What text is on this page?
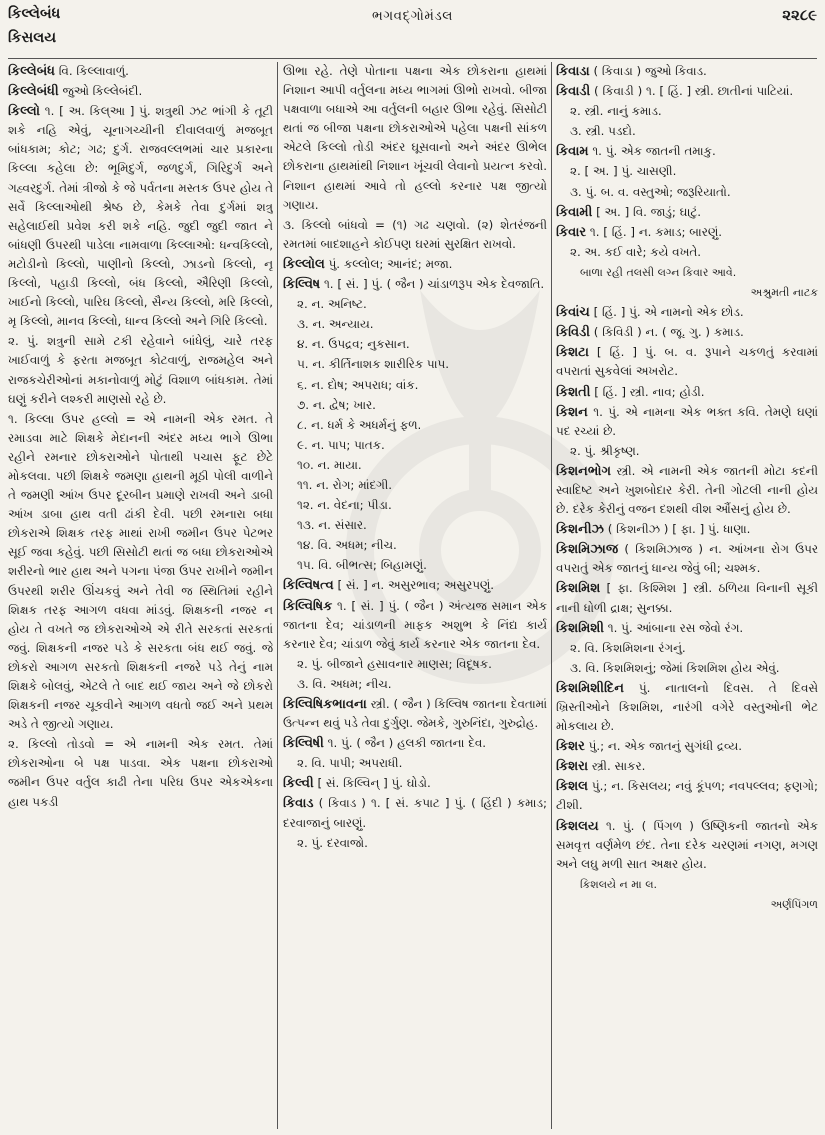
કિલ્લેબંધ
કિસલય
ભગવદ્ગોમંડલ	૨૨૮૯

કિલ્લેબંધ વિ. કિલ્લાવાળું.

કિલ્લેબંધી જુઓ કિલ્લેબંદી.

કિલ્લો ૧. [ અ. કિલ્આ ] પું. શત્રુથી ઝટ ભાંગી કે તૂટી શકે નહિ એવું, ચૂનાગચ્ચીની દીવાલવાળું મજબૂત બાંધકામ; કોટ; ગઢ; દુર્ગ. રાજવલ્લભમાં ચાર પ્રકારના કિલ્લા કહેલા છે: ભૂમિદુર્ગ, જળદુર્ગ, ગિરિદુર્ગ અને ગહ્વરદુર્ગ. તેમાં ત્રીજો કે જે પર્વતના મસ્તક ઉપર હોય તે સર્વે કિલ્લાઓથી શ્રેષ્ઠ છે, કેમકે તેવા દુર્ગમાં શત્રુ સહેલાઈથી પ્રવેશ કરી શકે નહિ. જુદી જુદી જાત ને બાંધણી ઉપરથી પાડેલા નામવાળા કિલ્લાઓ: ધન્વકિલ્લો, મટોડીનો કિલ્લો, પાણીનો કિલ્લો, ઝાડનો કિલ્લો, નૃ કિલ્લો, પહાડી કિલ્લો, બંધ કિલ્લો, ઐરિણી કિલ્લો, ખાઈનો કિલ્લો, પારિઘ કિલ્લો, સૈન્ય કિલ્લો, મરિ કિલ્લો, મૃ કિલ્લો, માનવ કિલ્લો, ધાન્વ કિલ્લો અને ગિરિ કિલ્લો.

૨. પું. શત્રુની સામે ટકી રહેવાને બાંધેલું, ચારે તરફ ખાઈવાળું કે ફરતા મજબૂત કોટવાળું, રાજમહેલ અને રાજકચેરીઓનાં મકાનોવાળું મોટું વિશાળ બાંધકામ. તેમાં ઘણું કરીને લશ્કરી માણસો રહે છે.

૧. કિલ્લા ઉપર હલ્લો = એ નામની એક રમત. તે રમાડવા માટે શિક્ષકે મેદાનની અંદર મધ્ય ભાગે ઊભા રહીને રમનાર છોકરાઓને પોતાથી પચાસ ફૂટ છેટે મોકલવા. પછી શિક્ષકે જમણા હાથની મૂઠી પોલી વાળીને તે જમણી આંખ ઉપર દૂરબીન પ્રમાણે રાખવી અને ડાબી આંખ ડાબા હાથ વતી ઢાંકી દેવી. પછી રમનારા બધા છોકરાએ શિક્ષક તરફ માથાં રાખી જમીન ઉપર પેટભર સૂઈ જવા કહેવું. પછી સિસોટી થતાં જ બધા છોકરાઓએ શરીરનો ભાર હાથ અને પગના પંજા ઉપર રાખીને જમીન ઉપરથી શરીર ઊંચકવું અને તેવી જ સ્થિતિમાં રહીને શિક્ષક તરફ આગળ વધવા માંડવું. શિક્ષકની નજર ન હોય તે વખતે જ છોકરાઓએ એ રીતે સરકતાં સરકતાં જવું. શિક્ષકની નજર પડે કે સરકતા બંધ થઈ જવું. જે છોકરો આગળ સરકતો શિક્ષકની નજરે પડે તેનું નામ શિક્ષકે બોલવું, એટલે તે બાદ થઈ જાય અને જે છોકરો શિક્ષકની નજર ચૂકવીને આગળ વધતો જઈ અને પ્રથમ અડે તે જીત્યો ગણાય.

૨. કિલ્લો તોડવો = એ નામની એક રમત. તેમાં છોકરાઓના બે પક્ષ પાડવા. એક પક્ષના છોકરાઓ જમીન ઉપર વર્તુલ કાઢી તેના પરિઘ ઉપર એકએકના હાથ પકડી

ઊભા રહે. તેણે પોતાના પક્ષના એક છોકરાના હાથમાં નિશાન આપી વર્તુલના મધ્ય ભાગમાં ઊભો રાખવો. બીજા પક્ષવાળા બધાએ આ વર્તુલની બહાર ઊભા રહેવું. સિસોટી થતાં જ બીજા પક્ષના છોકરાઓએ પહેલા પક્ષની સાંકળ એટલે કિલ્લો તોડી અંદર ઘૂસવાનો અને અંદર ઊભેલ છોકરાના હાથમાંથી નિશાન ખૂંચવી લેવાનો પ્રયત્ન કરવો. નિશાન હાથમાં આવે તો હલ્લો કરનાર પક્ષ જીત્યો ગણાય.

૩. કિલ્લો બાંધવો = (૧) ગઢ ચણવો. (૨) શેતરંજની રમતમાં બાદશાહને કોઈપણ ઘરમાં સુરક્ષિત રાખવો.

કિલ્લોલ પું. કલ્લોલ; આનંદ; મજા.

કિલ્વિષ ૧. [ સં. ] પું. ( જૈન ) ચાંડાળરૂપ એક દેવજાતિ.

૨. ન. અનિષ્ટ.

૩. ન. અન્યાય.

૪. ન. ઉપદ્રવ; નુકસાન.

૫. ન. કીર્તિનાશક શારીરિક પાપ.

૬. ન. દોષ; અપરાધ; વાંક.

૭. ન. દ્વેષ; ખાર.

૮. ન. ધર્મ કે અધર્મનું ફળ.

૯. ન. પાપ; પાતક.

૧૦. ન. માયા.

૧૧. ન. રોગ; માંદગી.

૧૨. ન. વેદના; પીડા.

૧૩. ન. સંસાર.

૧૪. વિ. અધમ; નીચ.

૧૫. વિ. બીભત્સ; બિહામણું.

કિલ્વિષત્વ [ સં. ] ન. અસુરભાવ; અસુરપણું.

કિલ્વિષિક ૧. [ સં. ] પું. ( જૈન ) અંત્યજ સમાન એક જાતના દેવ; ચાંડાળની માફક અશુભ કે નિંદ્ય કાર્ય કરનાર દેવ; ચાંડાળ જેવું કાર્ય કરનાર એક જાતના દેવ.

૨. પું. બીજાને હસાવનાર માણસ; વિદૂષક.

૩. વિ. અધમ; નીચ.

કિલ્વિષિકભાવના સ્ત્રી. ( જૈન ) કિલ્વિષ જાતના દેવતામાં ઉત્પન્ન થવું પડે તેવા દુર્ગુણ. જેમકે, ગુરુનિંદા, ગુરુદ્રોહ.

કિલ્વિષી ૧. પું. ( જૈન ) હલકી જાતના દેવ.

૨. વિ. પાપી; અપરાધી.

કિલ્વી [ સં. કિલ્વિન્ ] પું. ઘોડો.

કિવાડ ( કિવાડ ) ૧. [ સં. કપાટ ] પું. ( હિંદી ) કમાડ; દરવાજાનું બારણું.

૨. પું. દરવાજો.

કિવાડા ( કિવાડા ) જુઓ કિવાડ.

કિવાડી ( કિવાડી ) ૧. [ હિં. ] સ્ત્રી. છાતીનાં પાટિયાં.

૨. સ્ત્રી. નાનું કમાડ.

૩. સ્ત્રી. પડદો.

કિવામ ૧. પું. એક જાતની તમાકુ.

૨. [ અ. ] પું. ચાસણી.

૩. પું. બ. વ. વસ્તુઓ; જરૂરિયાતો.

કિવામી [ અ. ] વિ. જાડું; ઘાટું.

કિવાર ૧. [ હિં. ] ન. કમાડ; બારણું.

૨. અ. કઈ વારે; કયે વખતે.

બાળા રહી તલસી લગ્ન કિવાર આવે.

અશ્રુમતી નાટક

કિવાંચ [ હિં. ] પું. એ નામનો એક છોડ.

કિવિડી ( કિવિડી ) ન. ( જૂ. ગુ. ) કમાડ.

કિશટા [ હિં. ] પું. બ. વ. રૂપાને ચકળતું કરવામાં વપરાતાં સુકવેલાં અખરોટ.

કિશતી [ હિં. ] સ્ત્રી. નાવ; હોડી.

કિશન ૧. પું. એ નામના એક ભક્ત કવિ. તેમણે ઘણાં પદ રચ્યાં છે.

૨. પું. શ્રીકૃષ્ણ.

કિશનભોગ સ્ત્રી. એ નામની એક જાતની મોટા કદની સ્વાદિષ્ટ અને ખુશબોદાર કેરી. તેની ગોટલી નાની હોય છે. દરેક કેરીનું વજન દશથી વીશ ઔંસનું હોય છે.

કિશનીઝ ( કિશનીઝ ) [ ફા. ] પું. ધાણા.

કિશમિઝાજ ( કિશમિઝાજ ) ન. આંખના રોગ ઉપર વપરાતું એક જાતનું ધાન્ય જેવું બી; ચશ્મક.

કિશમિશ [ ફા. કિશ્મિશ ] સ્ત્રી. ઠળિયા વિનાની સૂકી નાની ધોળી દ્રાક્ષ; સુનક્કા.

કિશમિશી ૧. પું. આંબાના રસ જેવો રંગ.

૨. વિ. કિશમિશના રંગનું.

૩. વિ. કિશમિશનું; જેમાં કિશમિશ હોય એવું.

કિશમિશીદિન પું. નાતાલનો દિવસ. તે દિવસે ખ્રિસ્તીઓને કિશમિશ, નારંગી વગેરે વસ્તુઓની ભેટ મોકલાય છે.

કિશર પું.; ન. એક જાતનું સુગંધી દ્રવ્ય.

કિશરા સ્ત્રી. સાકર.

કિશલ પું.; ન. કિસલય; નવું કૂંપળ; નવપલ્લવ; ફણગો; ટીશી.

કિશલય ૧. પું. ( પિંગળ ) ઉષ્ણિકની જાતનો એક સમવૃત્ત વર્ણમેળ છંદ. તેના દરેક ચરણમાં નગણ, મગણ અને લઘુ મળી સાત અક્ષર હોય.

કિશલયે ન મા લ.

અર્ણપિંગળ
